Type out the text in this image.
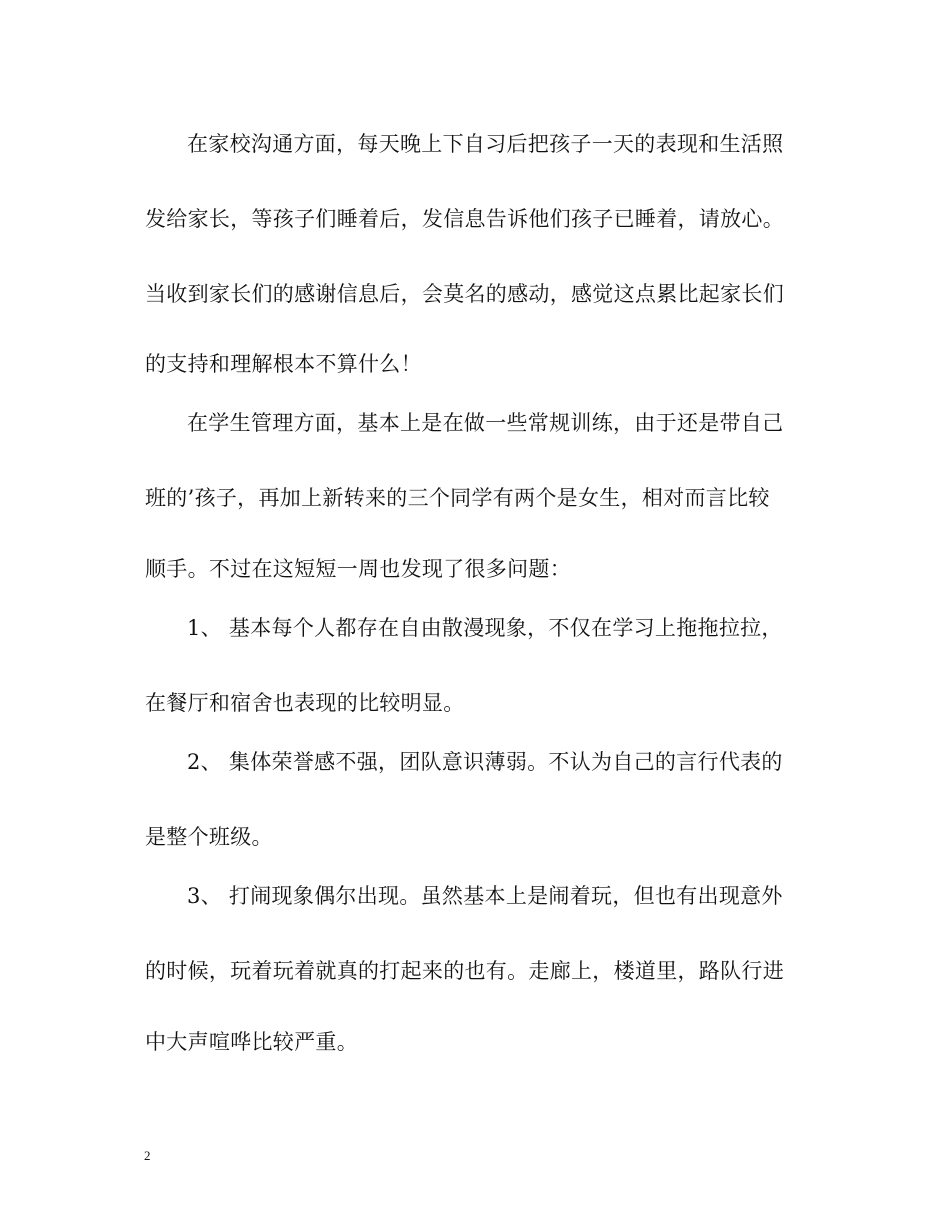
在家校沟通方面，每天晚上下自习后把孩子一天的表现和生活照
发给家长，等孩子们睡着后，发信息告诉他们孩子已睡着，请放心。
当收到家长们的感谢信息后，会莫名的感动，感觉这点累比起家长们
的支持和理解根本不算什么！
在学生管理方面，基本上是在做一些常规训练，由于还是带自己
班的’孩子，再加上新转来的三个同学有两个是女生，相对而言比较
顺手。不过在这短短一周也发现了很多问题：
1、 基本每个人都存在自由散漫现象，不仅在学习上拖拖拉拉，
在餐厅和宿舍也表现的比较明显。
2、 集体荣誉感不强，团队意识薄弱。不认为自己的言行代表的
是整个班级。
3、 打闹现象偶尔出现。虽然基本上是闹着玩，但也有出现意外
的时候，玩着玩着就真的打起来的也有。走廊上，楼道里，路队行进
中大声喧哗比较严重。
2
